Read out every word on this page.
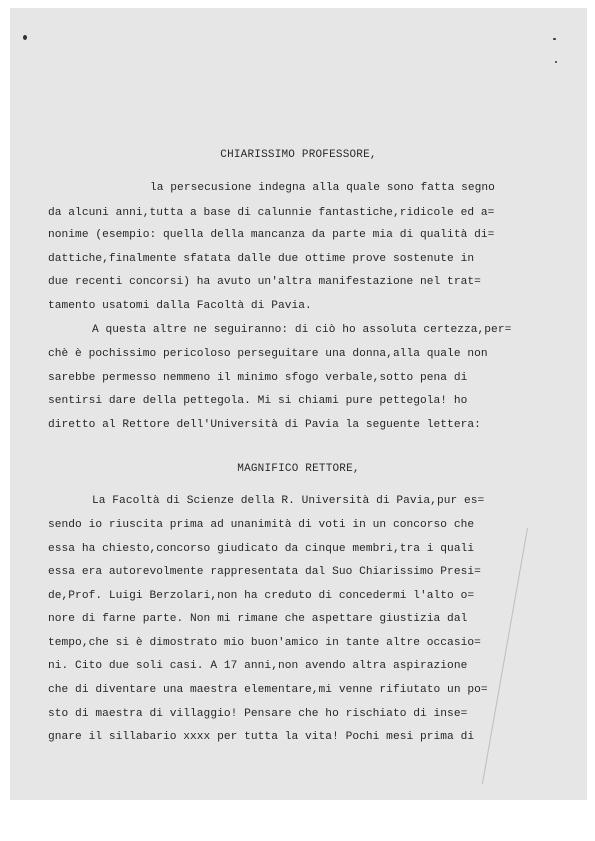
CHIARISSIMO PROFESSORE,
la persecusione indegna alla quale sono fatta segno
da alcuni anni,tutta a base di calunnie fantastiche,ridicole ed a=
nonime (esempio: quella della mancanza da parte mia di qualità di=
dattiche,finalmente sfatata dalle due ottime prove sostenute in
due recenti concorsi) ha avuto un'altra manifestazione nel trat=
tamento usatomi dalla Facoltà di Pavia.
A questa altre ne seguiranno: di ciò ho assoluta certezza,per=
chè è pochissimo pericoloso perseguitare una donna,alla quale non
sarebbe permesso nemmeno il minimo sfogo verbale,sotto pena di
sentirsi dare della pettegola. Mi si chiami pure pettegola! ho
diretto al Rettore dell'Università di Pavia la seguente lettera:
MAGNIFICO RETTORE,
La Facoltà di Scienze della R. Università di Pavia,pur es=
sendo io riuscita prima ad unanimità di voti in un concorso che
essa ha chiesto,concorso giudicato da cinque membri,tra i quali
essa era autorevolmente rappresentata dal Suo Chiarissimo Presi=
de,Prof. Luigi Berzolari,non ha creduto di concedermi l'alto o=
nore di farne parte. Non mi rimane che aspettare giustizia dal
tempo,che si è dimostrato mio buon'amico in tante altre occasio=
ni. Cito due soli casi. A 17 anni,non avendo altra aspirazione
che di diventare una maestra elementare,mi venne rifiutato un po=
sto di maestra di villaggio! Pensare che ho rischiato di inse=
gnare il sillabario xxxx per tutta la vita! Pochi mesi prima di
